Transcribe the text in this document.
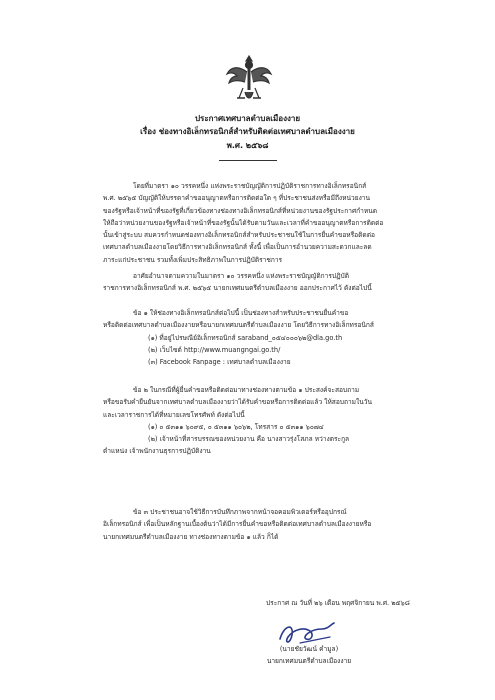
ประกาศเทศบาลตำบลเมืองงาย
เรื่อง ช่องทางอิเล็กทรอนิกส์สำหรับติดต่อเทศบาลตำบลเมืองงาย
พ.ศ. ๒๕๖๘
โดยที่มาตรา ๑๐ วรรคหนึ่ง แห่งพระราชบัญญัติการปฏิบัติราชการทางอิเล็กทรอนิกส์
พ.ศ. ๒๕๖๕ บัญญัติให้บรรดาคำขออนุญาตหรือการติดต่อใด ๆ ที่ประชาชนส่งหรือมีถึงหน่วยงาน
ของรัฐหรือเจ้าหน้าที่ของรัฐที่เกี่ยวข้องทางช่องทางอิเล็กทรอนิกส์ที่หน่วยงานของรัฐประกาศกำหนด
ให้ถือว่าหน่วยงานของรัฐหรือเจ้าหน้าที่ของรัฐนั้นได้รับตามวันและเวลาที่คำขออนุญาตหรือการติดต่อ
นั้นเข้าสู่ระบบ สมควรกำหนดช่องทางอิเล็กทรอนิกส์สำหรับประชาชนใช้ในการยื่นคำขอหรือติดต่อ
เทศบาลตำบลเมืองงายโดยวิธีการทางอิเล็กทรอนิกส์ ทั้งนี้ เพื่อเป็นการอำนวยความสะดวกและลด
ภาระแก่ประชาชน รวมทั้งเพิ่มประสิทธิภาพในการปฏิบัติราชการ
อาศัยอำนาจตามความในมาตรา ๑๐ วรรคหนึ่ง แห่งพระราชบัญญัติการปฏิบัติ
ราชการทางอิเล็กทรอนิกส์ พ.ศ. ๒๕๖๕ นายกเทศมนตรีตำบลเมืองงาย ออกประกาศไว้ ดังต่อไปนี้
ข้อ ๑ ให้ช่องทางอิเล็กทรอนิกส์ต่อไปนี้ เป็นช่องทางสำหรับประชาชนยื่นคำขอ
หรือติดต่อเทศบาลตำบลเมืองงายหรือนายกเทศมนตรีตำบลเมืองงาย โดยวิธีการทางอิเล็กทรอนิกส์
(๑) ที่อยู่ไปรษณีย์อิเล็กทรอนิกส์ saraband_๐๕๔๐๐๐๖๒@dla.go.th
(๒) เว็บไซต์ http://www.muangngai.go.th/
(๓) Facebook Fanpage : เทศบาลตำบลเมืองงาย
ข้อ ๒ ในกรณีที่ผู้ยื่นคำขอหรือติดต่อมาทางช่องทางตามข้อ ๑ ประสงค์จะสอบถาม
หรือขอรับคำยืนยันจากเทศบาลตำบลเมืองงายว่าได้รับคำขอหรือการติดต่อแล้ว ให้สอบถามในวัน
และเวลาราชการได้ที่หมายเลขโทรศัพท์ ดังต่อไปนี้
(๑) ๐ ๕๓๑๑ ๖๐๙๕, ๐ ๕๓๑๑ ๖๐๖๒, โทรสาร ๐ ๕๓๑๑ ๖๐๗๔
(๒) เจ้าหน้าที่สารบรรณของหน่วยงาน คือ นางสาวรุ่งโสภล หว่างตระกูล
ตำแหน่ง เจ้าพนักงานธุรการปฏิบัติงาน
ข้อ ๓ ประชาชนอาจใช้วิธีการบันทึกภาพจากหน้าจอคอมพิวเตอร์หรืออุปกรณ์
อิเล็กทรอนิกส์ เพื่อเป็นหลักฐานเบื้องต้นว่าได้มีการยื่นคำขอหรือติดต่อเทศบาลตำบลเมืองงายหรือ
นายกเทศมนตรีตำบลเมืองงาย ทางช่องทางตามข้อ ๑ แล้ว ก็ได้
ประกาศ ณ วันที่ ๒๖ เดือน พฤศจิกายน พ.ศ. ๒๕๖๘
(นายชัยวัฒน์ คำมูล)
นายกเทศมนตรีตำบลเมืองงาย
